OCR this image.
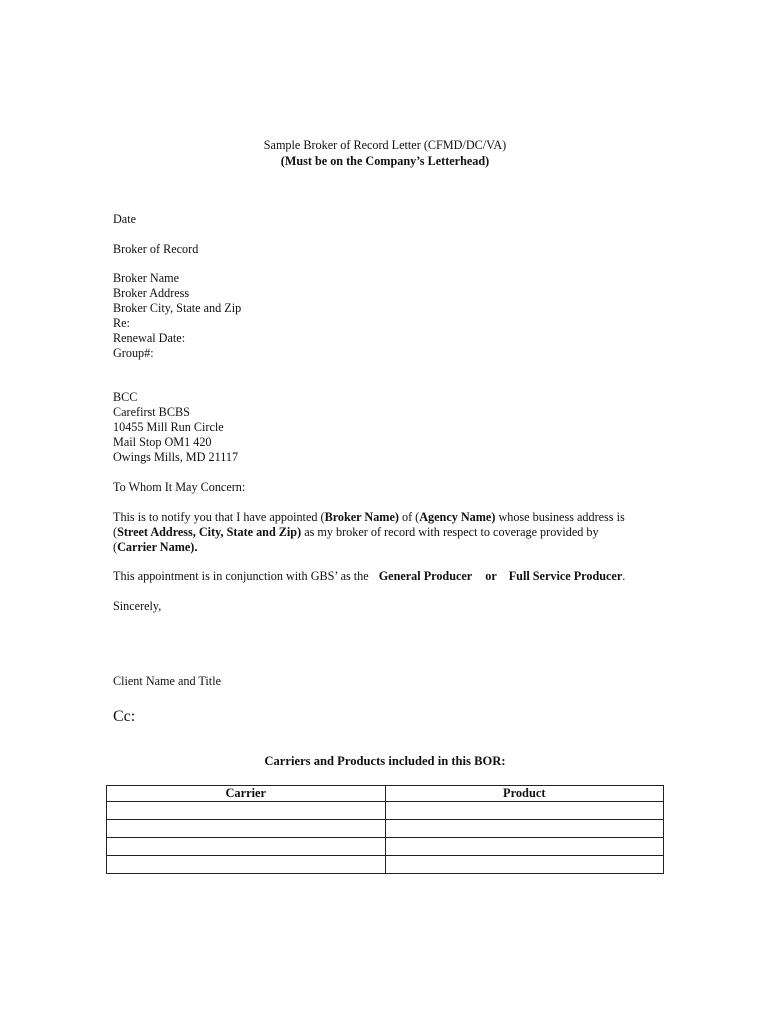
Sample Broker of Record Letter (CFMD/DC/VA)
(Must be on the Company’s Letterhead)
Date
Broker of Record
Broker Name
Broker Address
Broker City, State and Zip
Re:
Renewal Date:
Group#:
BCC
Carefirst BCBS
10455 Mill Run Circle
Mail Stop OM1 420
Owings Mills, MD 21117
To Whom It May Concern:
This is to notify you that I have appointed (Broker Name) of (Agency Name) whose business address is
(Street Address, City, State and Zip) as my broker of record with respect to coverage provided by
(Carrier Name).
This appointment is in conjunction with GBS’ as the General Producer or Full Service Producer.
Sincerely,
Client Name and Title
Cc:
Carriers and Products included in this BOR:
Carrier	Product
